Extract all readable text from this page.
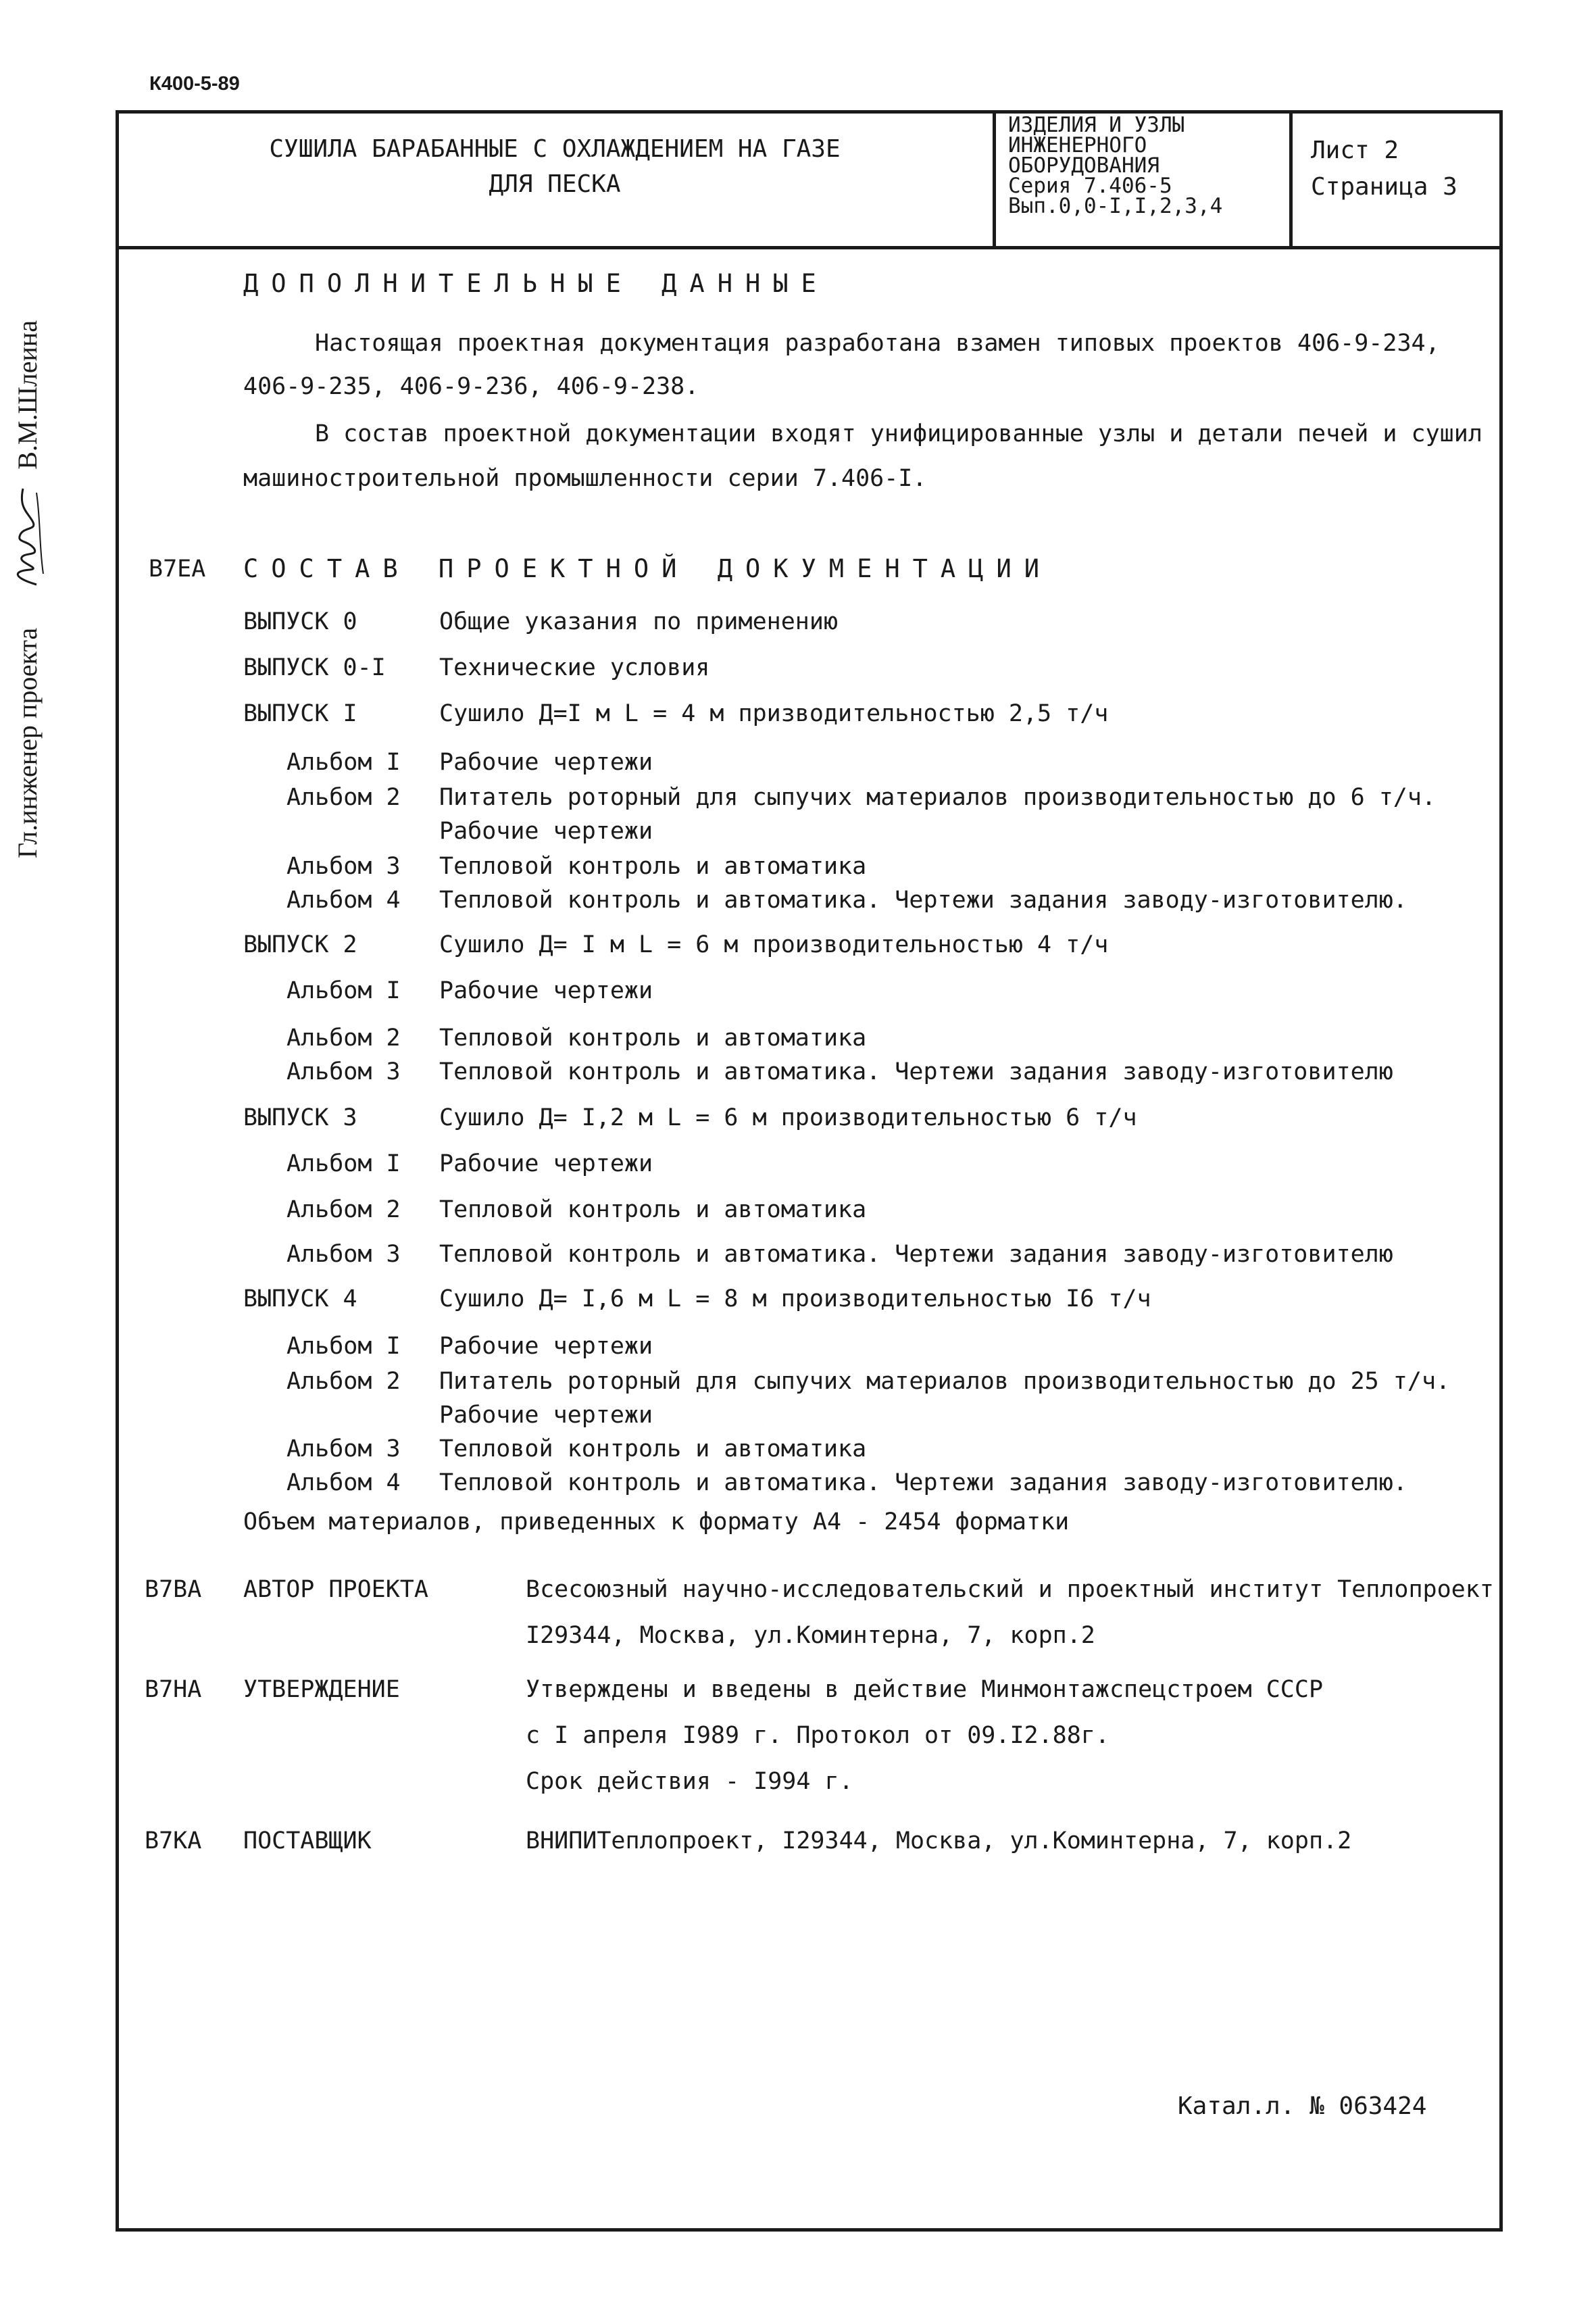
К400-5-89
СУШИЛА БАРАБАННЫЕ С ОХЛАЖДЕНИЕМ НА ГАЗЕ
ДЛЯ ПЕСКА
ИЗДЕЛИЯ И УЗЛЫ
ИНЖЕНЕРНОГО
ОБОРУДОВАНИЯ
Серия 7.406-5
Вып.0,0-I,I,2,3,4
Лист 2
Страница 3
Гл.инженер проекта
В.М.Шлеина
ДОПОЛНИТЕЛЬНЫЕ ДАННЫЕ
Настоящая проектная документация разработана взамен типовых проектов 406-9-234,
406-9-235, 406-9-236, 406-9-238.
В состав проектной документации входят унифицированные узлы и детали печей и сушил
машиностроительной промышленности серии 7.406-I.
B7EA СОСТАВ ПРОЕКТНОЙ ДОКУМЕНТАЦИИ
ВЫПУСК 0	Общие указания по применению
ВЫПУСК 0-I Технические условия
ВЫПУСК I	Сушило Д=I м L = 4 м призводительностью 2,5 т/ч
Альбом I Рабочие чертежи
Альбом 2 Питатель роторный для сыпучих материалов производительностью до 6 т/ч.
Рабочие чертежи
Альбом 3 Тепловой контроль и автоматика
Альбом 4 Тепловой контроль и автоматика. Чертежи задания заводу-изготовителю.
ВЫПУСК 2	Сушило Д= I м L = 6 м производительностью 4 т/ч
Альбом I Рабочие чертежи
Альбом 2 Тепловой контроль и автоматика
Альбом 3 Тепловой контроль и автоматика. Чертежи задания заводу-изготовителю
ВЫПУСК 3	Сушило Д= I,2 м L = 6 м производительностью 6 т/ч
Альбом I Рабочие чертежи
Альбом 2 Тепловой контроль и автоматика
Альбом 3 Тепловой контроль и автоматика. Чертежи задания заводу-изготовителю
ВЫПУСК 4	Сушило Д= I,6 м L = 8 м производительностью I6 т/ч
Альбом I Рабочие чертежи
Альбом 2 Питатель роторный для сыпучих материалов производительностью до 25 т/ч.
Рабочие чертежи
Альбом 3 Тепловой контроль и автоматика
Альбом 4 Тепловой контроль и автоматика. Чертежи задания заводу-изготовителю.
Объем материалов, приведенных к формату А4 - 2454 форматки
B7BA АВТОР ПРОЕКТА	Всесоюзный научно-исследовательский и проектный институт Теплопроект.
I29344, Москва, ул.Коминтерна, 7, корп.2
B7HA УТВЕРЖДЕНИЕ	Утверждены и введены в действие Минмонтажспецстроем СССР
с I апреля I989 г. Протокол от 09.I2.88г.
Срок действия - I994 г.
B7KA ПОСТАВЩИК	ВНИПИТеплопроект, I29344, Москва, ул.Коминтерна, 7, корп.2
Катал.л. № 063424
